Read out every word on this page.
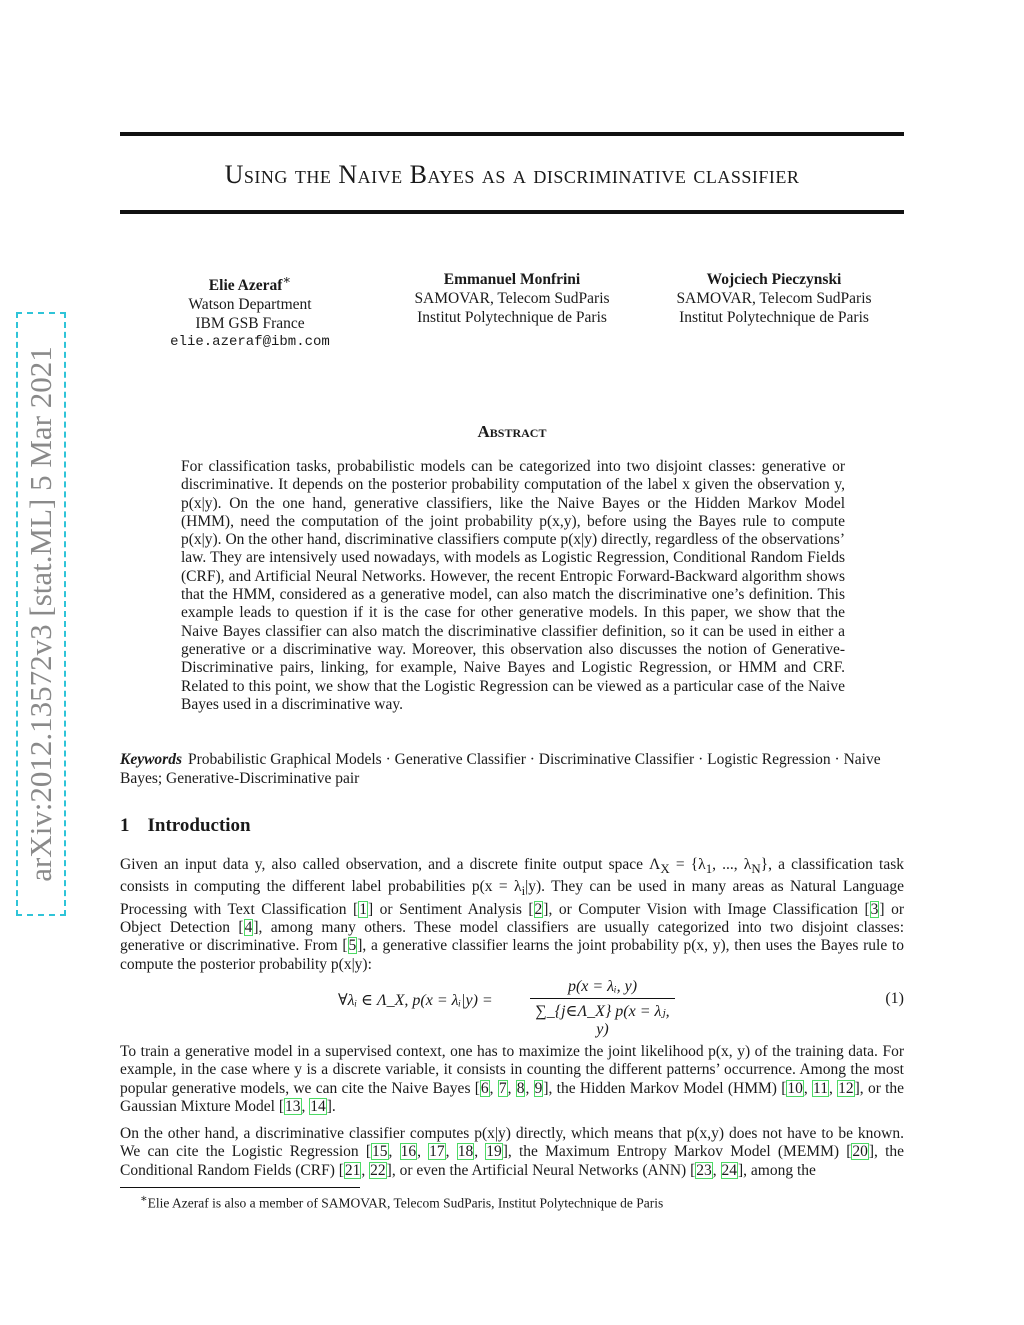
arXiv:2012.13572v3 [stat.ML] 5 Mar 2021
Using the Naive Bayes as a discriminative classifier
Elie Azeraf∗
Watson Department
IBM GSB France
elie.azeraf@ibm.com
Emmanuel Monfrini
SAMOVAR, Telecom SudParis
Institut Polytechnique de Paris
Wojciech Pieczynski
SAMOVAR, Telecom SudParis
Institut Polytechnique de Paris
Abstract
For classification tasks, probabilistic models can be categorized into two disjoint classes: generative or discriminative. It depends on the posterior probability computation of the label x given the observation y, p(x|y). On the one hand, generative classifiers, like the Naive Bayes or the Hidden Markov Model (HMM), need the computation of the joint probability p(x,y), before using the Bayes rule to compute p(x|y). On the other hand, discriminative classifiers compute p(x|y) directly, regardless of the observations’ law. They are intensively used nowadays, with models as Logistic Regression, Conditional Random Fields (CRF), and Artificial Neural Networks. However, the recent Entropic Forward-Backward algorithm shows that the HMM, considered as a generative model, can also match the discriminative one’s definition. This example leads to question if it is the case for other generative models. In this paper, we show that the Naive Bayes classifier can also match the discriminative classifier definition, so it can be used in either a generative or a discriminative way. Moreover, this observation also discusses the notion of Generative-Discriminative pairs, linking, for example, Naive Bayes and Logistic Regression, or HMM and CRF. Related to this point, we show that the Logistic Regression can be viewed as a particular case of the Naive Bayes used in a discriminative way.
Keywords Probabilistic Graphical Models · Generative Classifier · Discriminative Classifier · Logistic Regression · Naive Bayes; Generative-Discriminative pair
1 Introduction
Given an input data y, also called observation, and a discrete finite output space $\Lambda_X = \{\lambda_1$, ..., $\lambda_N$}, a classification task consists in computing the different label probabilities $p(x = \lambda_i|y)$. They can be used in many areas as Natural Language Processing with Text Classification [1] or Sentiment Analysis [2], or Computer Vision with Image Classification [3] or Object Detection [4], among many others. These model classifiers are usually categorized into two disjoint classes: generative or discriminative. From [5], a generative classifier learns the joint probability p(x, y), then uses the Bayes rule to compute the posterior probability p(x|y):
∀λᵢ ∈ Λ_X, p(x = λᵢ|y) = $\frac{\text{p(x = λᵢ, y)}}{\text{∑\_\{j∈Λ\_X\} p(x = λⱼ, y)}}$	(1)
To train a generative model in a supervised context, one has to maximize the joint likelihood p(x, y) of the training data. For example, in the case where y is a discrete variable, it consists in counting the different patterns’ occurrence. Among the most popular generative models, we can cite the Naive Bayes [6, 7, 8, 9], the Hidden Markov Model (HMM) [10, 11, 12], or the Gaussian Mixture Model [13, 14].
On the other hand, a discriminative classifier computes p(x|y) directly, which means that p(x,y) does not have to be known. We can cite the Logistic Regression [15, 16, 17, 18, 19], the Maximum Entropy Markov Model (MEMM) [20], the Conditional Random Fields (CRF) [21, 22], or even the Artificial Neural Networks (ANN) [23, 24], among the
∗Elie Azeraf is also a member of SAMOVAR, Telecom SudParis, Institut Polytechnique de Paris
